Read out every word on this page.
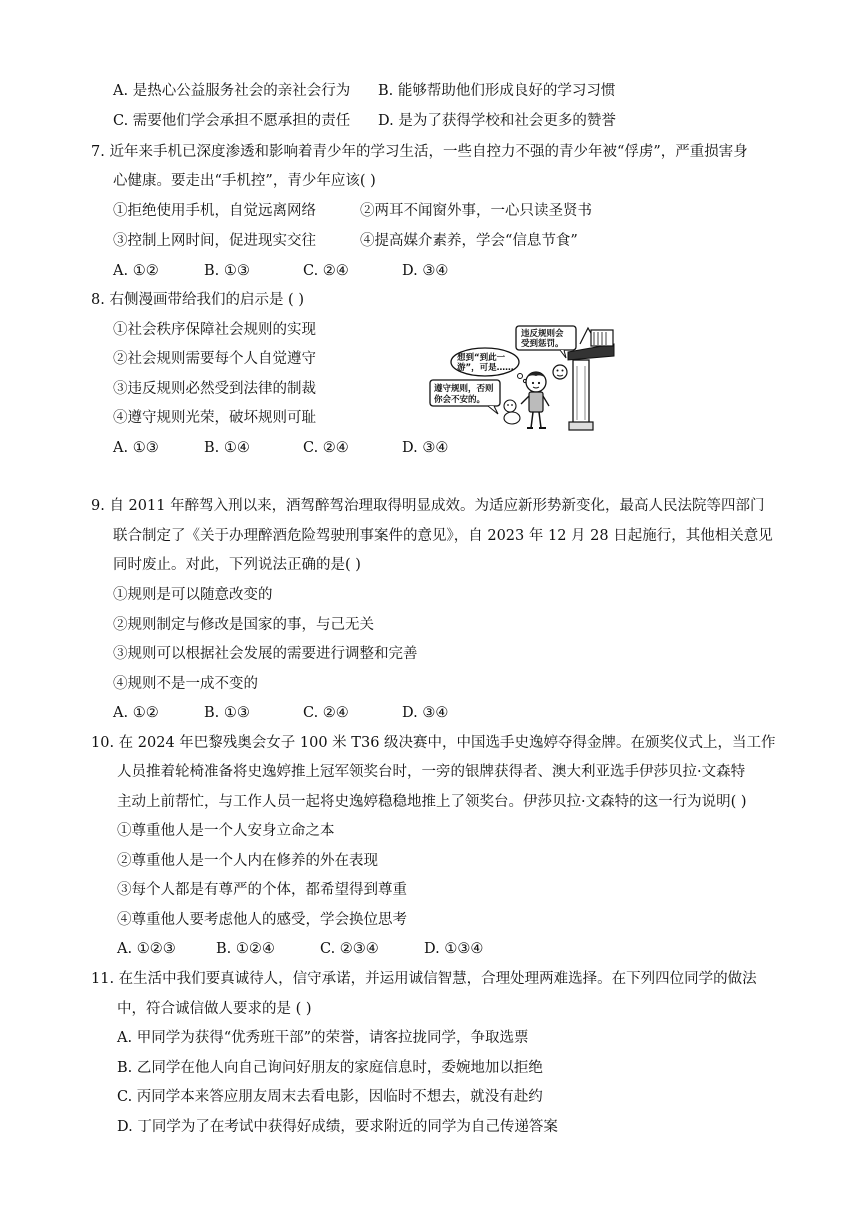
A. 是热心公益服务社会的亲社会行为 B. 能够帮助他们形成良好的学习习惯
C. 需要他们学会承担不愿承担的责任 D. 是为了获得学校和社会更多的赞誉
7. 近年来手机已深度渗透和影响着青少年的学习生活，一些自控力不强的青少年被“俘虏”，严重损害身
心健康。要走出“手机控”，青少年应该( )
①拒绝使用手机，自觉远离网络	②两耳不闻窗外事，一心只读圣贤书
③控制上网时间，促进现实交往	④提高媒介素养，学会“信息节食”
A. ①②	B. ①③	C. ②④	D. ③④
8. 右侧漫画带给我们的启示是 ( )
①社会秩序保障社会规则的实现
②社会规则需要每个人自觉遵守
③违反规则必然受到法律的制裁
④遵守规则光荣，破坏规则可耻
A. ①③	B. ①④	C. ②④	D. ③④
违反规则会
受到惩罚。
想到“到此一
游”，可是……
遵守规则，否则
你会不安的。
9. 自 2011 年醉驾入刑以来，酒驾醉驾治理取得明显成效。为适应新形势新变化，最高人民法院等四部门
联合制定了《关于办理醉酒危险驾驶刑事案件的意见》，自 2023 年 12 月 28 日起施行，其他相关意见
同时废止。对此，下列说法正确的是( )
①规则是可以随意改变的
②规则制定与修改是国家的事，与己无关
③规则可以根据社会发展的需要进行调整和完善
④规则不是一成不变的
A. ①②	B. ①③	C. ②④	D. ③④
10. 在 2024 年巴黎残奥会女子 100 米 T36 级决赛中，中国选手史逸婷夺得金牌。在颁奖仪式上，当工作
人员推着轮椅准备将史逸婷推上冠军领奖台时，一旁的银牌获得者、澳大利亚选手伊莎贝拉·文森特
主动上前帮忙，与工作人员一起将史逸婷稳稳地推上了领奖台。伊莎贝拉·文森特的这一行为说明( )
①尊重他人是一个人安身立命之本
②尊重他人是一个人内在修养的外在表现
③每个人都是有尊严的个体，都希望得到尊重
④尊重他人要考虑他人的感受，学会换位思考
A. ①②③	B. ①②④	C. ②③④	D. ①③④
11. 在生活中我们要真诚待人，信守承诺，并运用诚信智慧，合理处理两难选择。在下列四位同学的做法
中，符合诚信做人要求的是 ( )
A. 甲同学为获得“优秀班干部”的荣誉，请客拉拢同学，争取选票
B. 乙同学在他人向自己询问好朋友的家庭信息时，委婉地加以拒绝
C. 丙同学本来答应朋友周末去看电影，因临时不想去，就没有赴约
D. 丁同学为了在考试中获得好成绩，要求附近的同学为自己传递答案
